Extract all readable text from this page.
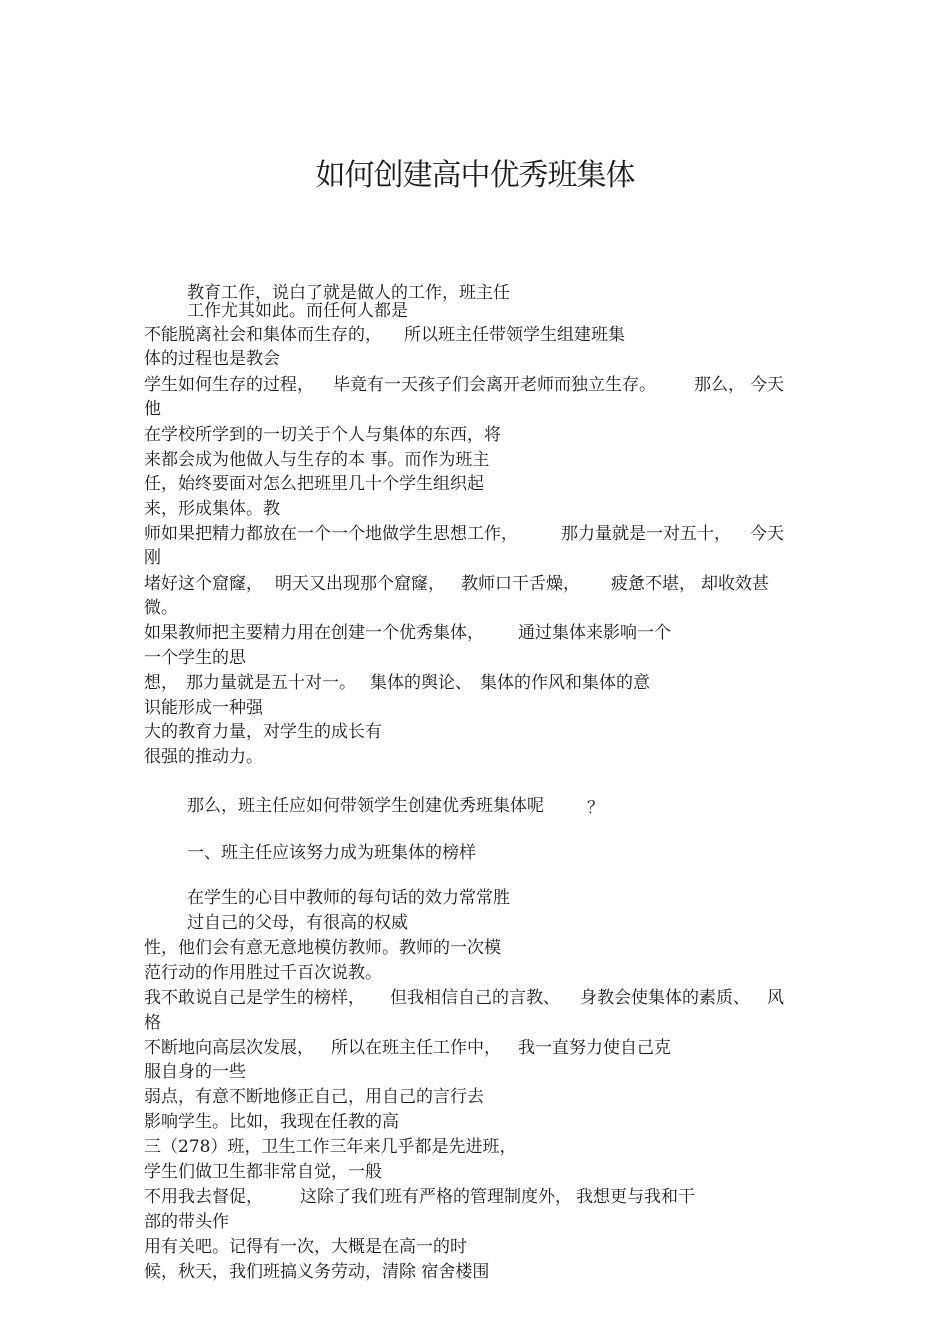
如何创建高中优秀班集体
教育工作，说白了就是做人的工作，班主任
工作尤其如此。而任何人都是
不能脱离社会和集体而生存的， 所以班主任带领学生组建班集
体的过程也是教会
学生如何生存的过程， 毕竟有一天孩子们会离开老师而独立生存。 那么， 今天
他
在学校所学到的一切关于个人与集体的东西，将
来都会成为他做人与生存的本 事。而作为班主
任，始终要面对怎么把班里几十个学生组织起
来，形成集体。教
师如果把精力都放在一个一个地做学生思想工作，	那力量就是一对五十， 今天
刚
堵好这个窟窿， 明天又出现那个窟窿， 教师口干舌燥， 疲惫不堪， 却收效甚
微。
如果教师把主要精力用在创建一个优秀集体， 通过集体来影响一个
一个学生的思
想， 那力量就是五十对一。 集体的舆论、 集体的作风和集体的意
识能形成一种强
大的教育力量，对学生的成长有
很强的推动力。
那么，班主任应如何带领学生创建优秀班集体呢	？
一、班主任应该努力成为班集体的榜样
在学生的心目中教师的每句话的效力常常胜
过自己的父母，有很高的权威
性，他们会有意无意地模仿教师。教师的一次模
范行动的作用胜过千百次说教。
我不敢说自己是学生的榜样， 但我相信自己的言教、 身教会使集体的素质、 风
格
不断地向高层次发展， 所以在班主任工作中， 我一直努力使自己克
服自身的一些
弱点，有意不断地修正自己，用自己的言行去
影响学生。比如，我现在任教的高
三（278）班，卫生工作三年来几乎都是先进班，
学生们做卫生都非常自觉，一般
不用我去督促， 这除了我们班有严格的管理制度外， 我想更与我和干
部的带头作
用有关吧。记得有一次，大概是在高一的时
候，秋天，我们班搞义务劳动，清除 宿舍楼围
